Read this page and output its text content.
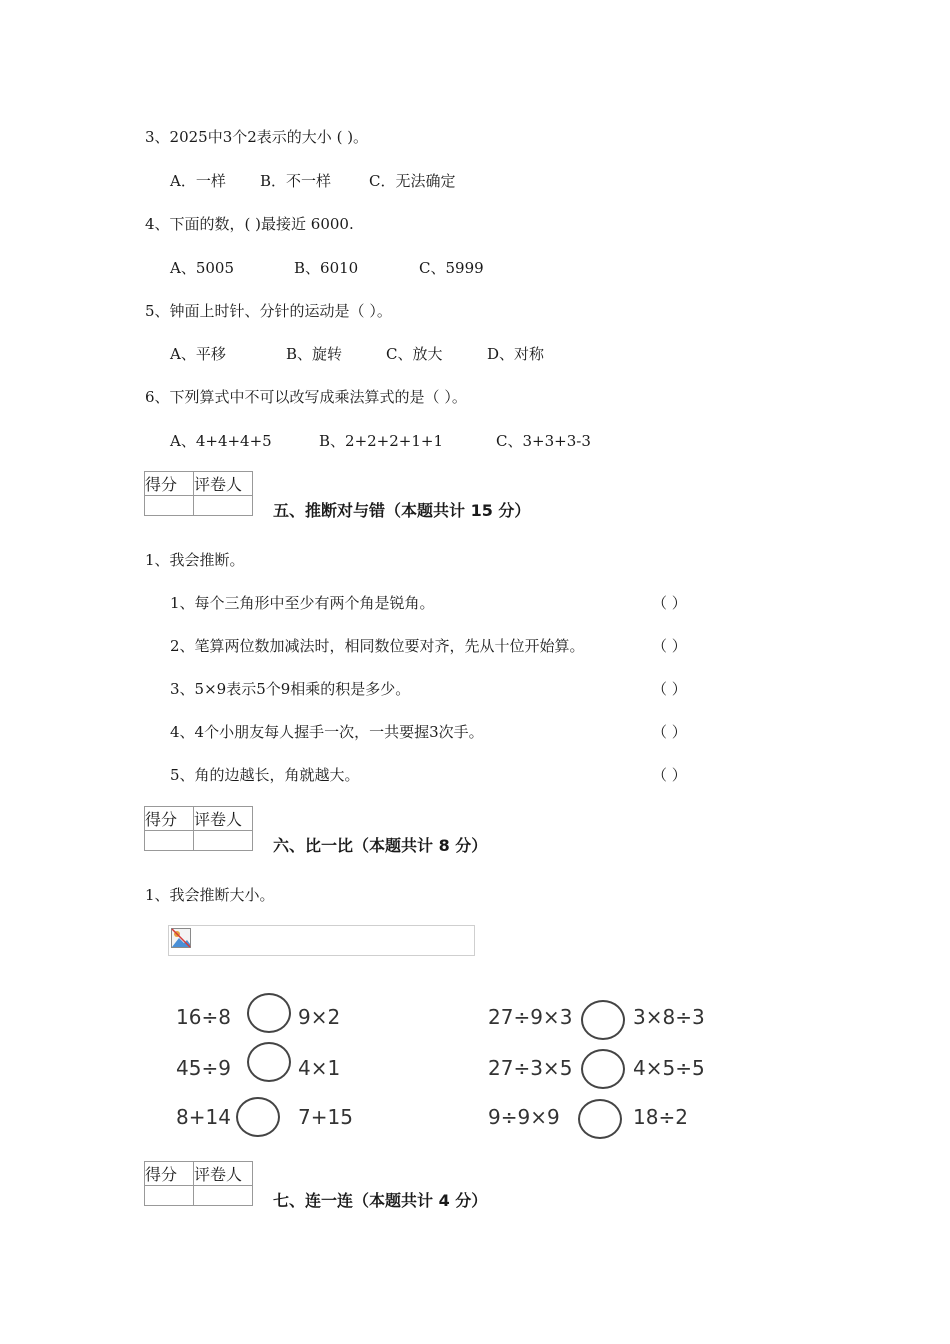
3、2025中3个2表示的大小 ( )。
A．一样 B．不一样	C．无法确定
4、下面的数，( )最接近 6000.
A、5005	B、6010	C、5999
5、钟面上时针、分针的运动是（ ）。
A、平移	B、旋转	C、放大	D、对称
6、下列算式中不可以改写成乘法算式的是（ ）。
A、4+4+4+5	B、2+2+2+1+1	C、3+3+3-3
得分	评卷人

五、推断对与错（本题共计 15 分）
1、我会推断。
1、每个三角形中至少有两个角是锐角。	（ ）
2、笔算两位数加减法时，相同数位要对齐，先从十位开始算。	（ ）
3、5×9表示5个9相乘的积是多少。	（ ）
4、4个小朋友每人握手一次，一共要握3次手。	（ ）
5、角的边越长，角就越大。	（ ）
得分	评卷人

六、比一比（本题共计 8 分）
1、我会推断大小。
16÷8	9×2
45÷9	4×1
8+14	7+15
27÷9×3	3×8÷3
27÷3×5	4×5÷5
9÷9×9	18÷2
得分	评卷人

七、连一连（本题共计 4 分）
